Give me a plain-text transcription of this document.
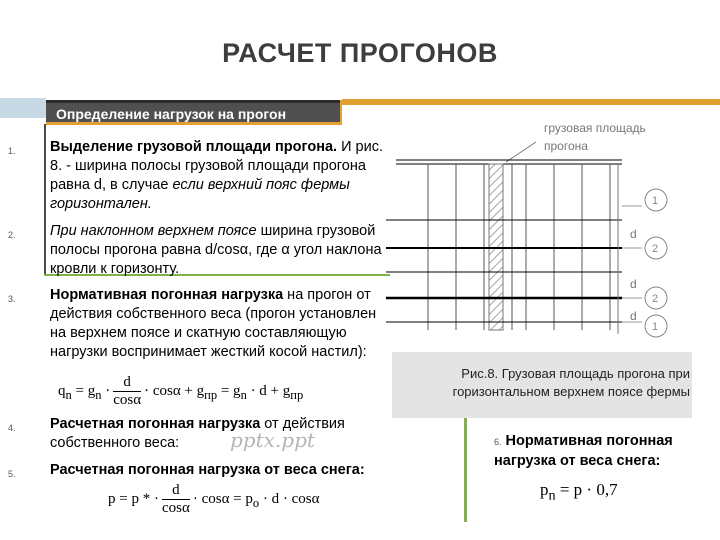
РАСЧЕТ ПРОГОНОВ
Определение нагрузок на прогон
1. Выделение грузовой площади прогона. И рис. 8. - ширина полосы грузовой площади прогона равна d, в случае если верхний пояс фермы горизонтален.
2. При наклонном верхнем поясе ширина грузовой полосы прогона равна d/cosα, где α угол наклона кровли к горизонту.
3. Нормативная погонная нагрузка на прогон от действия собственного веса (прогон установлен на верхнем поясе и скатную составляющую нагрузки воспринимает жесткий косой настил):
$q_n = g_n \cdot \frac{d}{\cos\alpha} \cdot \cos\alpha + g_{пр} = g_n \cdot d + g_{пр}$
4. Расчетная погонная нагрузка от действия собственного веса:	pptx.ppt
5. Расчетная погонная нагрузка от веса снега:
p = p * · $\frac{d}{\cos\alpha} \cdot \cos\alpha = p_o \cdot d \cdot \cos\alpha$
грузовая площадь
прогона
d
d
d
1
2
2
1
Рис.8. Грузовая площадь прогона при горизонтальном верхнем поясе фермы
6. Нормативная погонная нагрузка от веса снега:
$p_n = p \cdot 0,7$
